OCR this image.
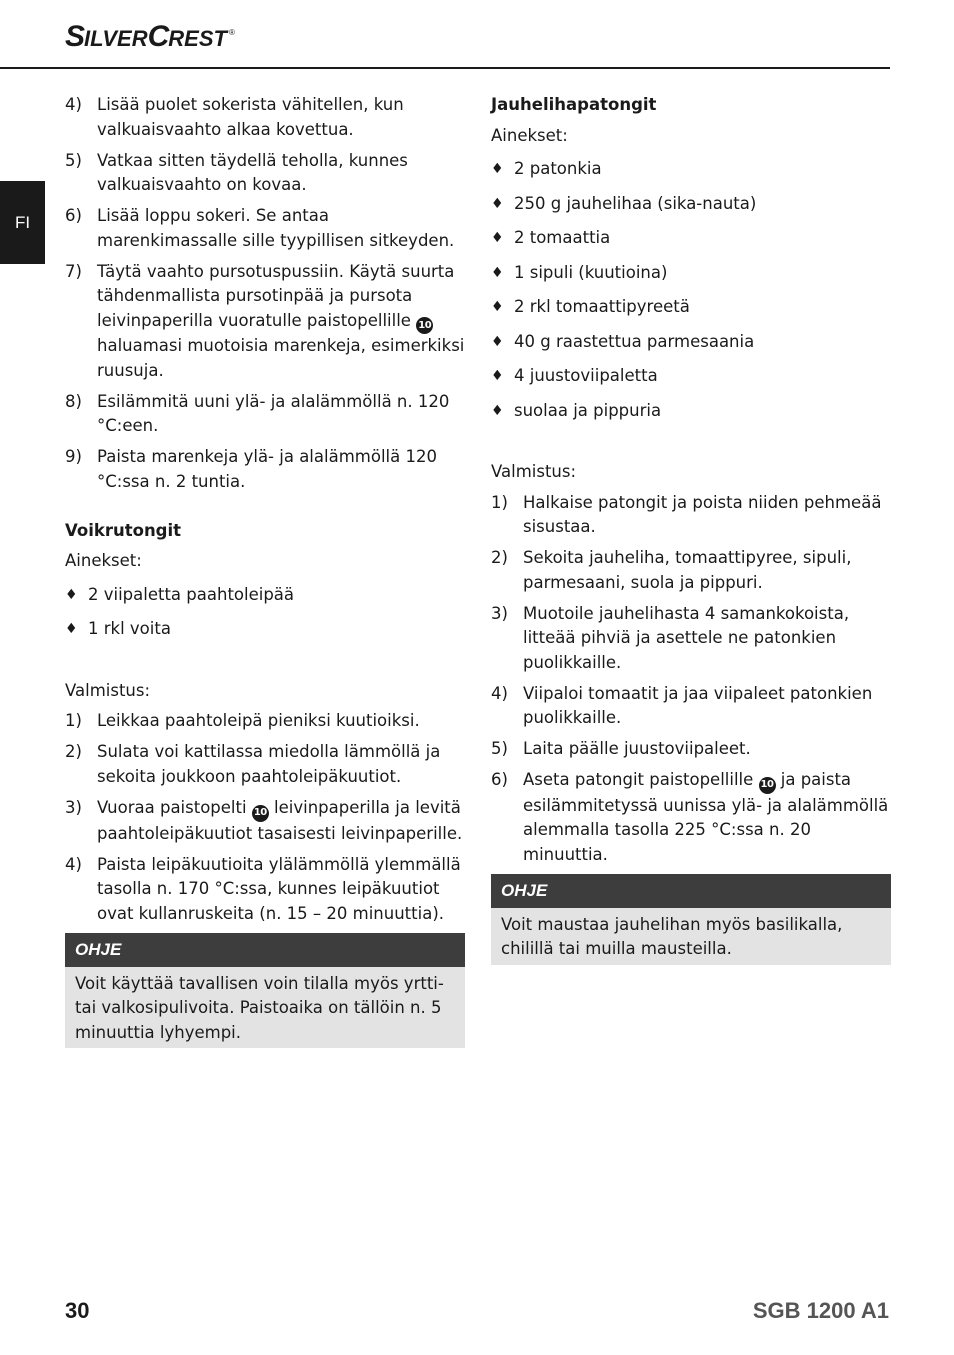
SILVERCREST ®
FI
4) Lisää puolet sokerista vähitellen, kun valkuaisvaahto alkaa kovettua.
5) Vatkaa sitten täydellä teholla, kunnes valkuaisvaahto on kovaa.
6) Lisää loppu sokeri. Se antaa marenkimassalle sille tyypillisen sitkeyden.
7) Täytä vaahto pursotuspussiin. Käytä suurta tähdenmallista pursotinpää ja pursota leivinpaperilla vuoratulle paistopellille 10 haluamasi muotoisia marenkeja, esimerkiksi ruusuja.
8) Esilämmitä uuni ylä- ja alalämmöllä n. 120 °C:een.
9) Paista marenkeja ylä- ja alalämmöllä 120 °C:ssa n. 2 tuntia.
Voikrutongit
Ainekset:
♦ 2 viipaletta paahtoleipää
♦ 1 rkl voita
Valmistus:
1) Leikkaa paahtoleipä pieniksi kuutioiksi.
2) Sulata voi kattilassa miedolla lämmöllä ja sekoita joukkoon paahtoleipäkuutiot.
3) Vuoraa paistopelti 10 leivinpaperilla ja levitä paahtoleipäkuutiot tasaisesti leivinpaperille.
4) Paista leipäkuutioita ylälämmöllä ylemmällä tasolla n. 170 °C:ssa, kunnes leipäkuutiot ovat kullanruskeita (n. 15 – 20 minuuttia).
OHJE
Voit käyttää tavallisen voin tilalla myös yrtti- tai valkosipulivoita. Paistoaika on tällöin n. 5 minuuttia lyhyempi.
Jauhelihapatongit
Ainekset:
♦ 2 patonkia
♦ 250 g jauhelihaa (sika-nauta)
♦ 2 tomaattia
♦ 1 sipuli (kuutioina)
♦ 2 rkl tomaattipyreetä
♦ 40 g raastettua parmesaania
♦ 4 juustoviipaletta
♦ suolaa ja pippuria
Valmistus:
1) Halkaise patongit ja poista niiden pehmeää sisustaa.
2) Sekoita jauheliha, tomaattipyree, sipuli, parmesaani, suola ja pippuri.
3) Muotoile jauhelihasta 4 samankokoista, litteää pihviä ja asettele ne patonkien puolikkaille.
4) Viipaloi tomaatit ja jaa viipaleet patonkien puolikkaille.
5) Laita päälle juustoviipaleet.
6) Aseta patongit paistopellille 10 ja paista esilämmitetyssä uunissa ylä- ja alalämmöllä alemmalla tasolla 225 °C:ssa n. 20 minuuttia.
OHJE
Voit maustaa jauhelihan myös basilikalla, chilillä tai muilla mausteilla.
30	SGB 1200 A1
